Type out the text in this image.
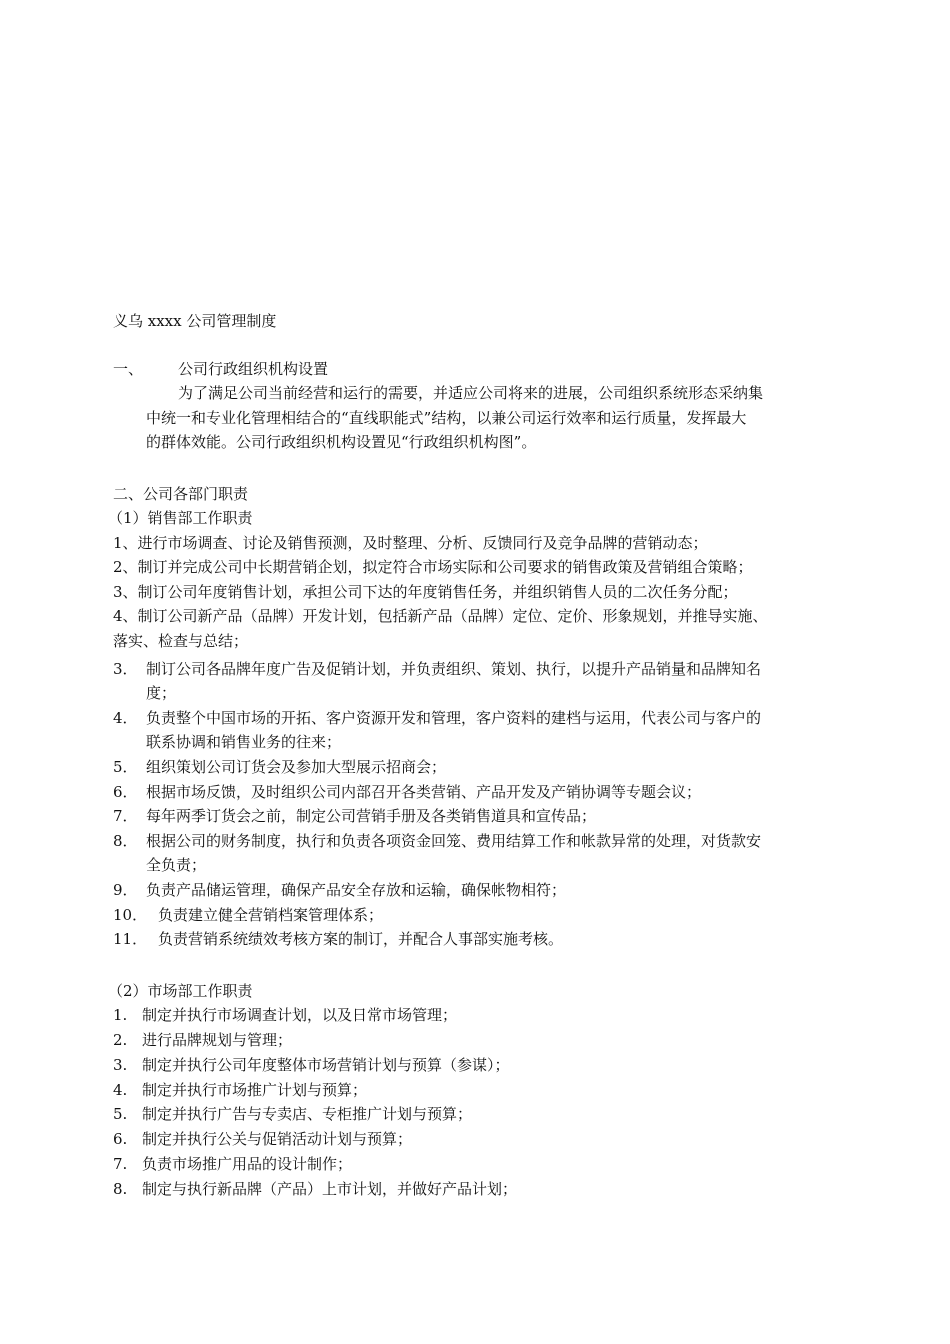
义乌 xxxx 公司管理制度
一、 公司行政组织机构设置
为了满足公司当前经营和运行的需要，并适应公司将来的进展，公司组织系统形态采纳集
中统一和专业化管理相结合的“直线职能式”结构，以兼公司运行效率和运行质量，发挥最大
的群体效能。公司行政组织机构设置见“行政组织机构图”。
二、公司各部门职责
（1）销售部工作职责
1、进行市场调查、讨论及销售预测，及时整理、分析、反馈同行及竞争品牌的营销动态；
2、制订并完成公司中长期营销企划，拟定符合市场实际和公司要求的销售政策及营销组合策略；
3、制订公司年度销售计划，承担公司下达的年度销售任务，并组织销售人员的二次任务分配；
4、制订公司新产品（品牌）开发计划，包括新产品（品牌）定位、定价、形象规划，并推导实施、
落实、检查与总结；
3． 制订公司各品牌年度广告及促销计划，并负责组织、策划、执行，以提升产品销量和品牌知名
度；
4． 负责整个中国市场的开拓、客户资源开发和管理，客户资料的建档与运用，代表公司与客户的
联系协调和销售业务的往来；
5． 组织策划公司订货会及参加大型展示招商会；
6． 根据市场反馈，及时组织公司内部召开各类营销、产品开发及产销协调等专题会议；
7． 每年两季订货会之前，制定公司营销手册及各类销售道具和宣传品；
8． 根据公司的财务制度，执行和负责各项资金回笼、费用结算工作和帐款异常的处理，对货款安
全负责；
9． 负责产品储运管理，确保产品安全存放和运输，确保帐物相符；
10． 负责建立健全营销档案管理体系；
11． 负责营销系统绩效考核方案的制订，并配合人事部实施考核。
（2）市场部工作职责
1. 制定并执行市场调查计划，以及日常市场管理；
2. 进行品牌规划与管理；
3. 制定并执行公司年度整体市场营销计划与预算（参谋）；
4. 制定并执行市场推广计划与预算；
5. 制定并执行广告与专卖店、专柜推广计划与预算；
6. 制定并执行公关与促销活动计划与预算；
7. 负责市场推广用品的设计制作；
8. 制定与执行新品牌（产品）上市计划，并做好产品计划；
